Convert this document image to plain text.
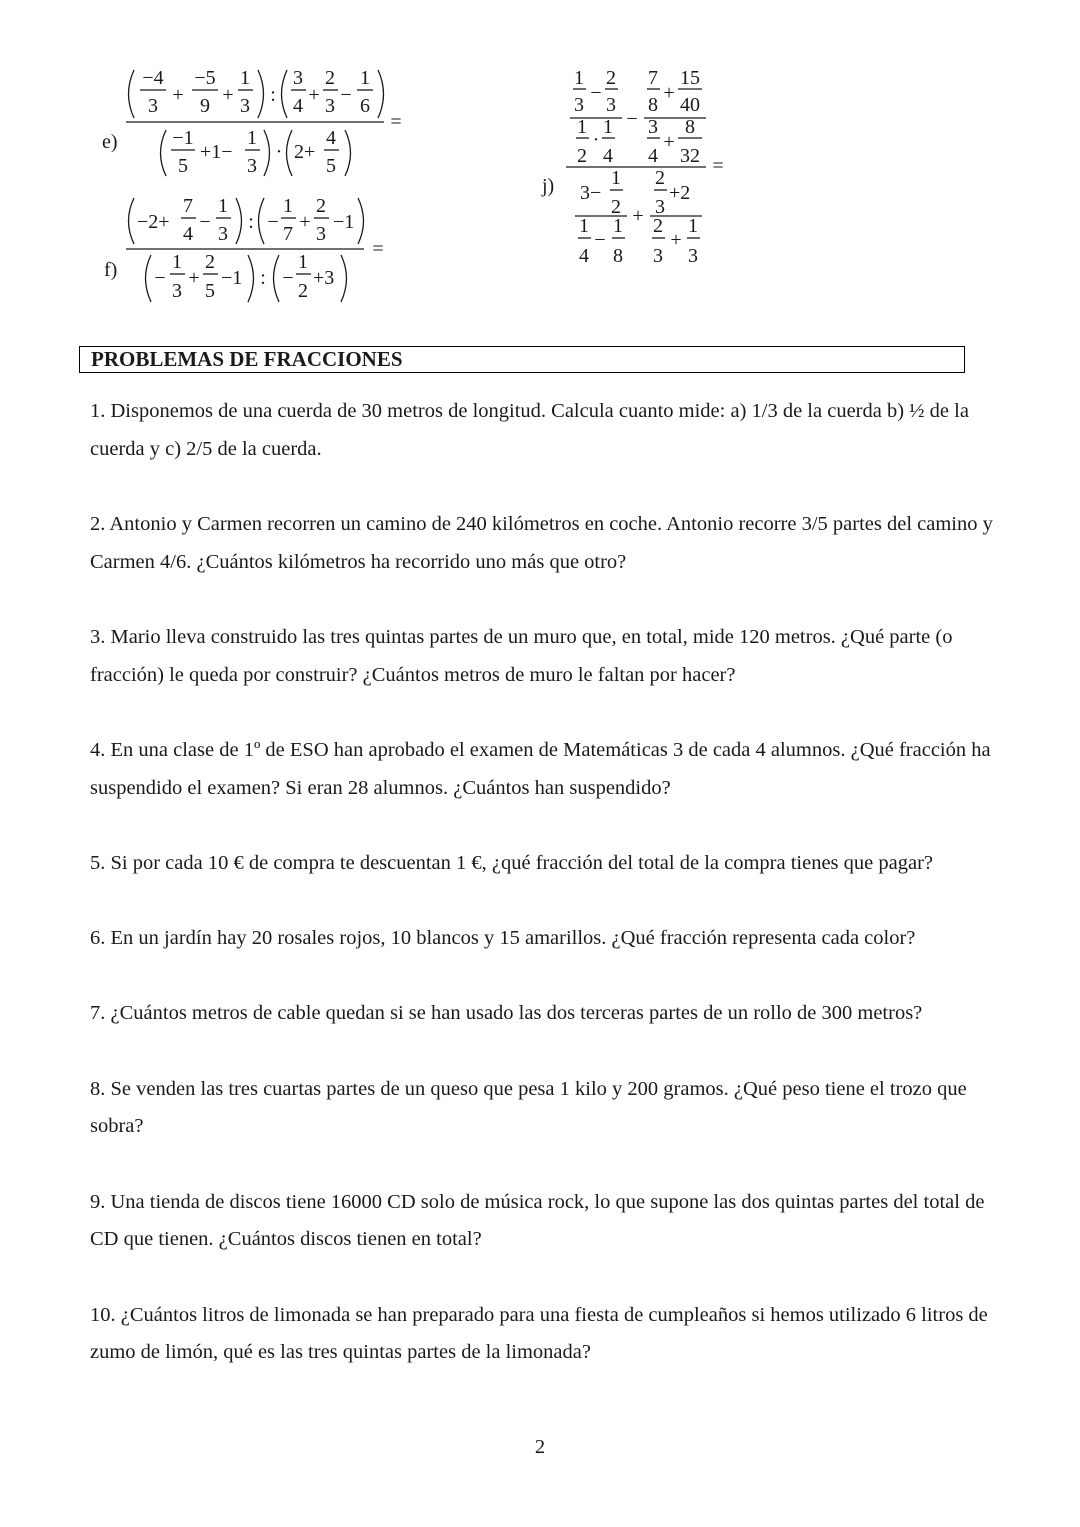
e)
−4
3 +
−5
9 +
1
3 :
3
4 +
2
3 −
1
6
=
−1
5
+1−
1
3
· 2+
4
5
f)
−2+
7
4
−
1
3
: −
1
7
+
2
3
−1
=
−
1
3
+
2
5
−1 : −
1
2
+3
j)
1
3
−
2
3
1
2
·
1
4
−
7
8
+
15
40
3
4
+
8
32 =
3−
1
2
1
4
−
1
8
+
2
3
+2
2
3
+
1
3
PROBLEMAS DE FRACCIONES

1. Disponemos de una cuerda de 30 metros de longitud. Calcula cuanto mide: a) 1/3 de la cuerda b) ½ de la cuerda y c) 2/5 de la cuerda.

2. Antonio y Carmen recorren un camino de 240 kilómetros en coche. Antonio recorre 3/5 partes del camino y Carmen 4/6. ¿Cuántos kilómetros ha recorrido uno más que otro?

3. Mario lleva construido las tres quintas partes de un muro que, en total, mide 120 metros. ¿Qué parte (o fracción) le queda por construir? ¿Cuántos metros de muro le faltan por hacer?

4. En una clase de 1º de ESO han aprobado el examen de Matemáticas 3 de cada 4 alumnos. ¿Qué fracción ha suspendido el examen? Si eran 28 alumnos. ¿Cuántos han suspendido?

5. Si por cada 10 € de compra te descuentan 1 €, ¿qué fracción del total de la compra tienes que pagar?

6. En un jardín hay 20 rosales rojos, 10 blancos y 15 amarillos. ¿Qué fracción representa cada color?

7. ¿Cuántos metros de cable quedan si se han usado las dos terceras partes de un rollo de 300 metros?

8. Se venden las tres cuartas partes de un queso que pesa 1 kilo y 200 gramos. ¿Qué peso tiene el trozo que sobra?

9. Una tienda de discos tiene 16000 CD solo de música rock, lo que supone las dos quintas partes del total de CD que tienen. ¿Cuántos discos tienen en total?

10. ¿Cuántos litros de limonada se han preparado para una fiesta de cumpleaños si hemos utilizado 6 litros de zumo de limón, qué es las tres quintas partes de la limonada?

2
